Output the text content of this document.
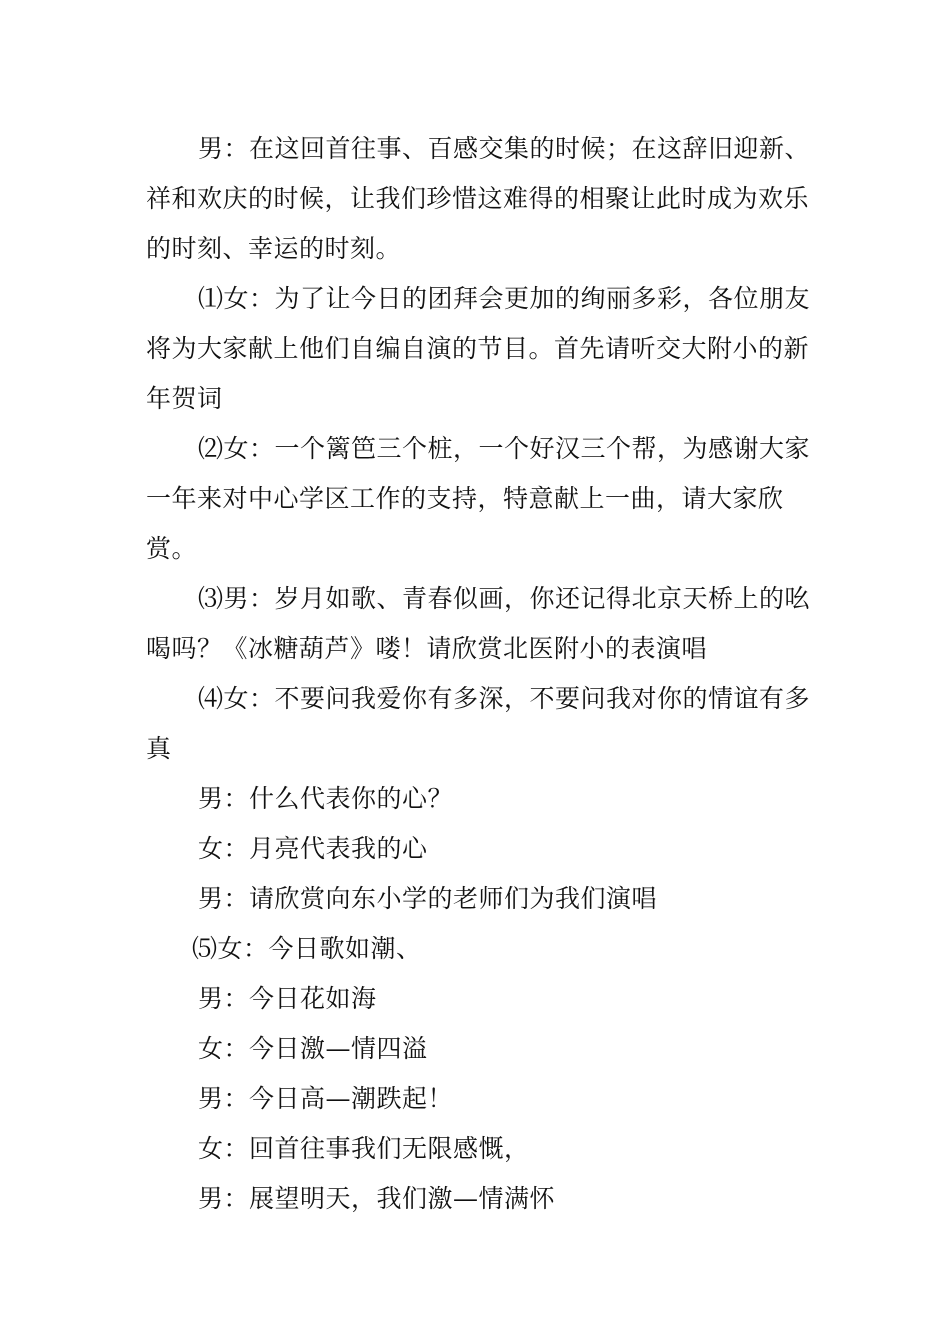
男：在这回首往事、百感交集的时候；在这辞旧迎新、祥和欢庆的时候，让我们珍惜这难得的相聚让此时成为欢乐的时刻、幸运的时刻。

⑴女：为了让今日的团拜会更加的绚丽多彩，各位朋友将为大家献上他们自编自演的节目。首先请听交大附小的新年贺词

⑵女：一个篱笆三个桩，一个好汉三个帮，为感谢大家一年来对中心学区工作的支持，特意献上一曲，请大家欣赏。

⑶男：岁月如歌、青春似画，你还记得北京天桥上的吆喝吗？《冰糖葫芦》喽！请欣赏北医附小的表演唱

⑷女：不要问我爱你有多深，不要问我对你的情谊有多真

男：什么代表你的心？

女：月亮代表我的心

男：请欣赏向东小学的老师们为我们演唱

⑸女：今日歌如潮、

男：今日花如海

女：今日激—情四溢

男：今日高—潮跌起！

女：回首往事我们无限感慨，

男：展望明天，我们激—情满怀
